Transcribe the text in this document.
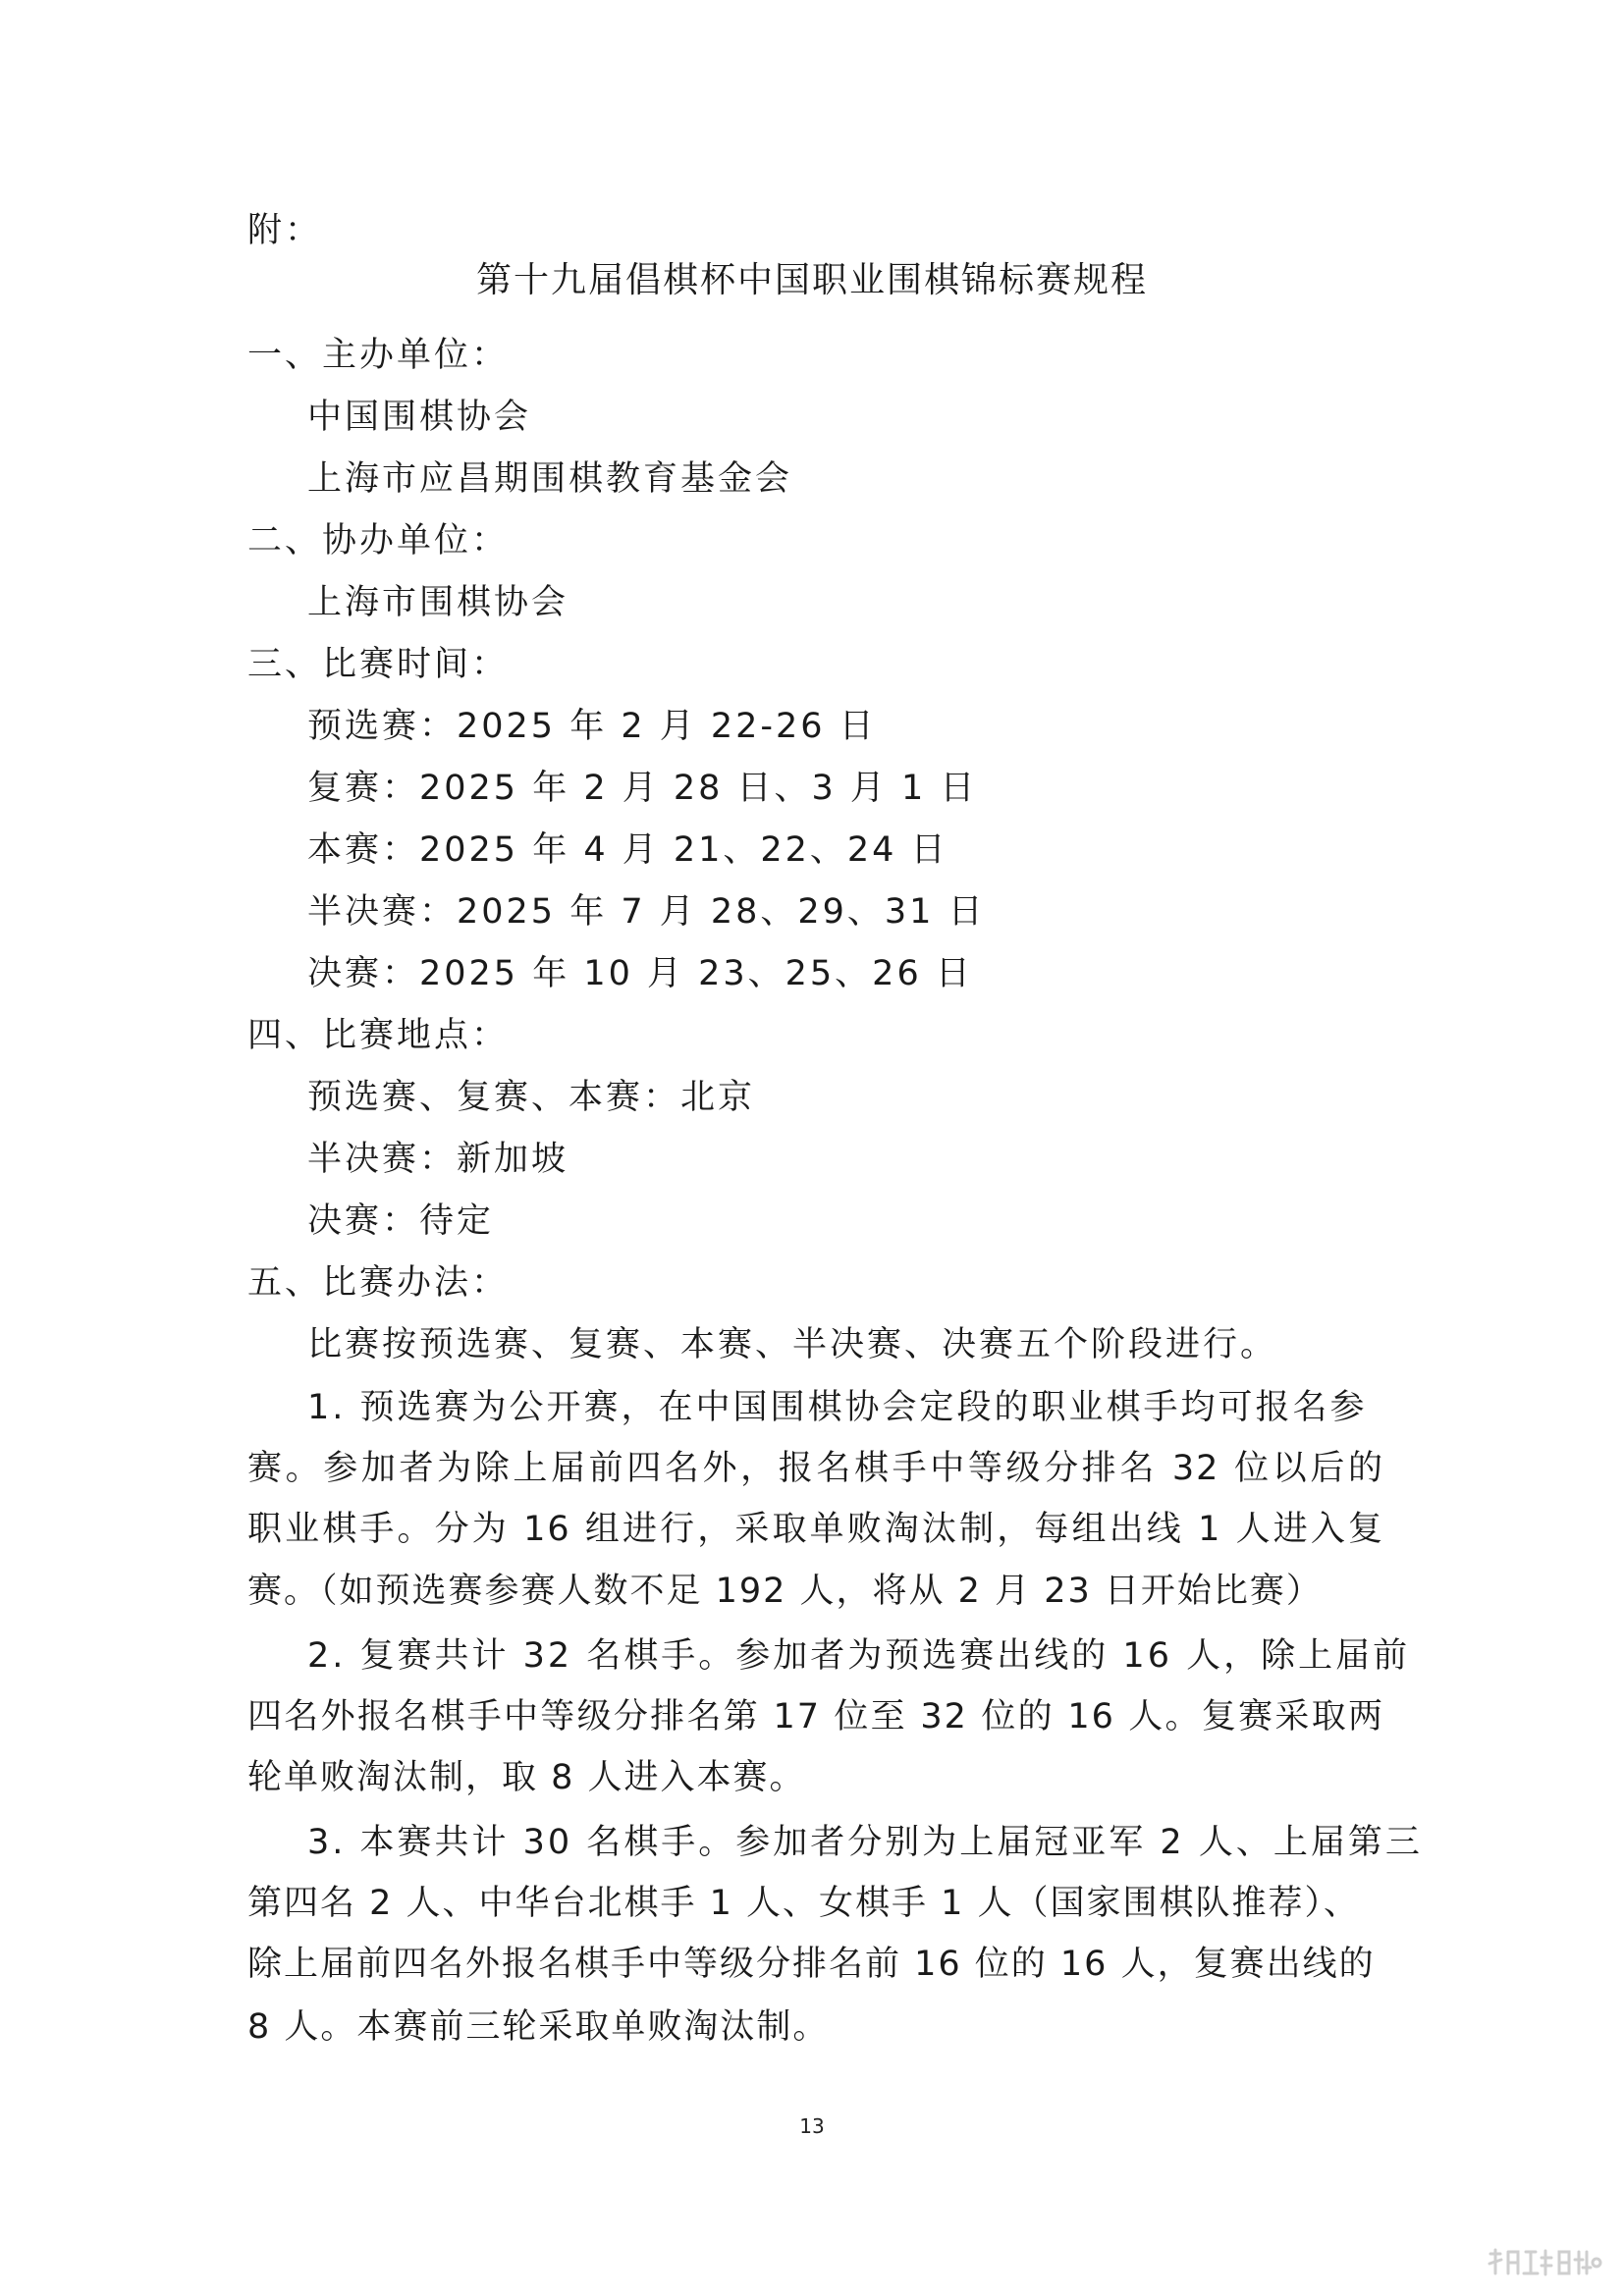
附：
第十九届倡棋杯中国职业围棋锦标赛规程
一、主办单位：
中国围棋协会
上海市应昌期围棋教育基金会
二、协办单位：
上海市围棋协会
三、比赛时间：
预选赛：2025 年 2 月 22-26 日
复赛：2025 年 2 月 28 日、3 月 1 日
本赛：2025 年 4 月 21、22、24 日
半决赛：2025 年 7 月 28、29、31 日
决赛：2025 年 10 月 23、25、26 日
四、比赛地点：
预选赛、复赛、本赛：北京
半决赛：新加坡
决赛：待定
五、比赛办法：
比赛按预选赛、复赛、本赛、半决赛、决赛五个阶段进行。
1. 预选赛为公开赛，在中国围棋协会定段的职业棋手均可报名参
赛。参加者为除上届前四名外，报名棋手中等级分排名 32 位以后的
职业棋手。分为 16 组进行，采取单败淘汰制，每组出线 1 人进入复
赛。（如预选赛参赛人数不足 192 人，将从 2 月 23 日开始比赛）
2. 复赛共计 32 名棋手。参加者为预选赛出线的 16 人，除上届前
四名外报名棋手中等级分排名第 17 位至 32 位的 16 人。复赛采取两
轮单败淘汰制，取 8 人进入本赛。
3. 本赛共计 30 名棋手。参加者分别为上届冠亚军 2 人、上届第三
第四名 2 人、中华台北棋手 1 人、女棋手 1 人（国家围棋队推荐）、
除上届前四名外报名棋手中等级分排名前 16 位的 16 人，复赛出线的
8 人。本赛前三轮采取单败淘汰制。
13
